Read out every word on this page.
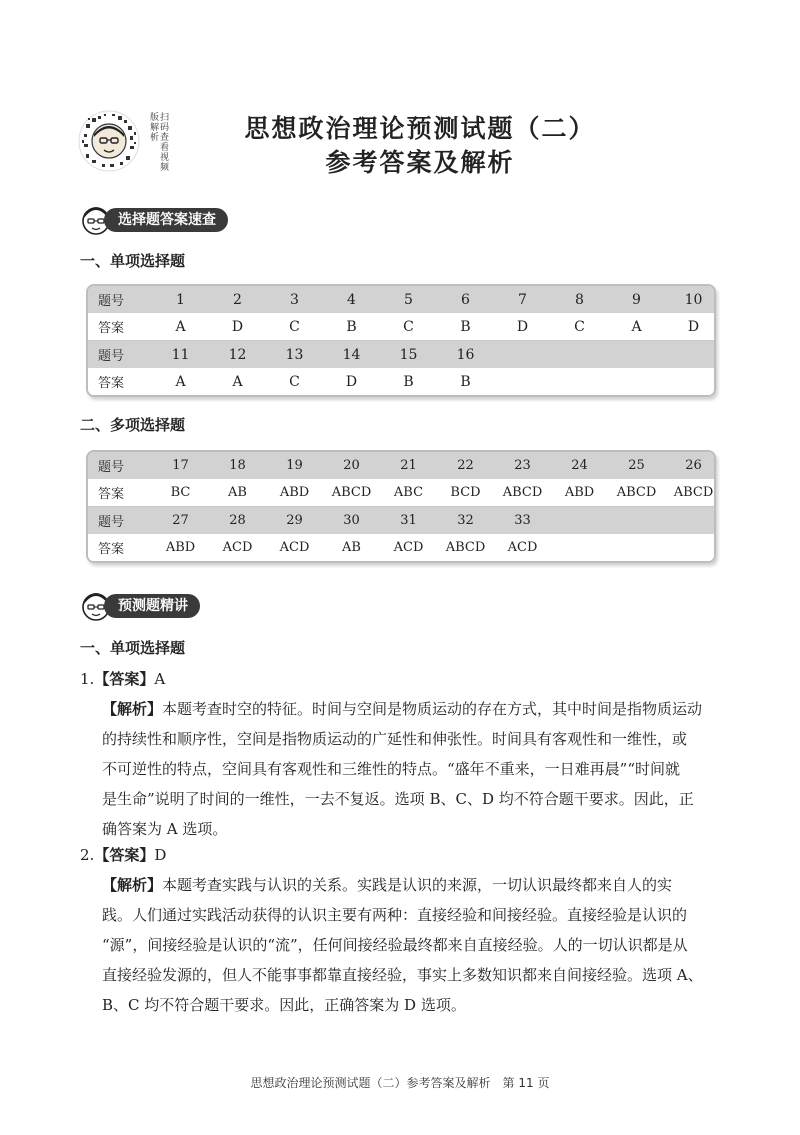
扫码查看视频版解析	思想政治理论预测试题（二）
参考答案及解析
选择题答案速查
一、单项选择题
题号	1	2	3	4	5	6	7	8	9	10
答案	A	D	C	B	C	B	D	C	A	D
题号	11	12	13	14	15	16
答案	A	A	C	D	B	B
二、多项选择题
题号	17	18	19	20	21	22	23	24	25	26
答案	BC	AB	ABD	ABCD	ABC	BCD	ABCD	ABD	ABCD	ABCD
题号	27	28	29	30	31	32	33
答案	ABD	ACD	ACD	AB	ACD	ABCD	ACD
预测题精讲
一、单项选择题
1.【答案】A
【解析】本题考查时空的特征。时间与空间是物质运动的存在方式，其中时间是指物质运动
的持续性和顺序性，空间是指物质运动的广延性和伸张性。时间具有客观性和一维性，或
不可逆性的特点，空间具有客观性和三维性的特点。“盛年不重来，一日难再晨”“时间就
是生命”说明了时间的一维性，一去不复返。选项 B、C、D 均不符合题干要求。因此，正
确答案为 A 选项。
2.【答案】D
【解析】本题考查实践与认识的关系。实践是认识的来源，一切认识最终都来自人的实
践。人们通过实践活动获得的认识主要有两种：直接经验和间接经验。直接经验是认识的
“源”，间接经验是认识的“流”，任何间接经验最终都来自直接经验。人的一切认识都是从
直接经验发源的，但人不能事事都靠直接经验，事实上多数知识都来自间接经验。选项 A、
B、C 均不符合题干要求。因此，正确答案为 D 选项。
思想政治理论预测试题（二）参考答案及解析　第 11 页
